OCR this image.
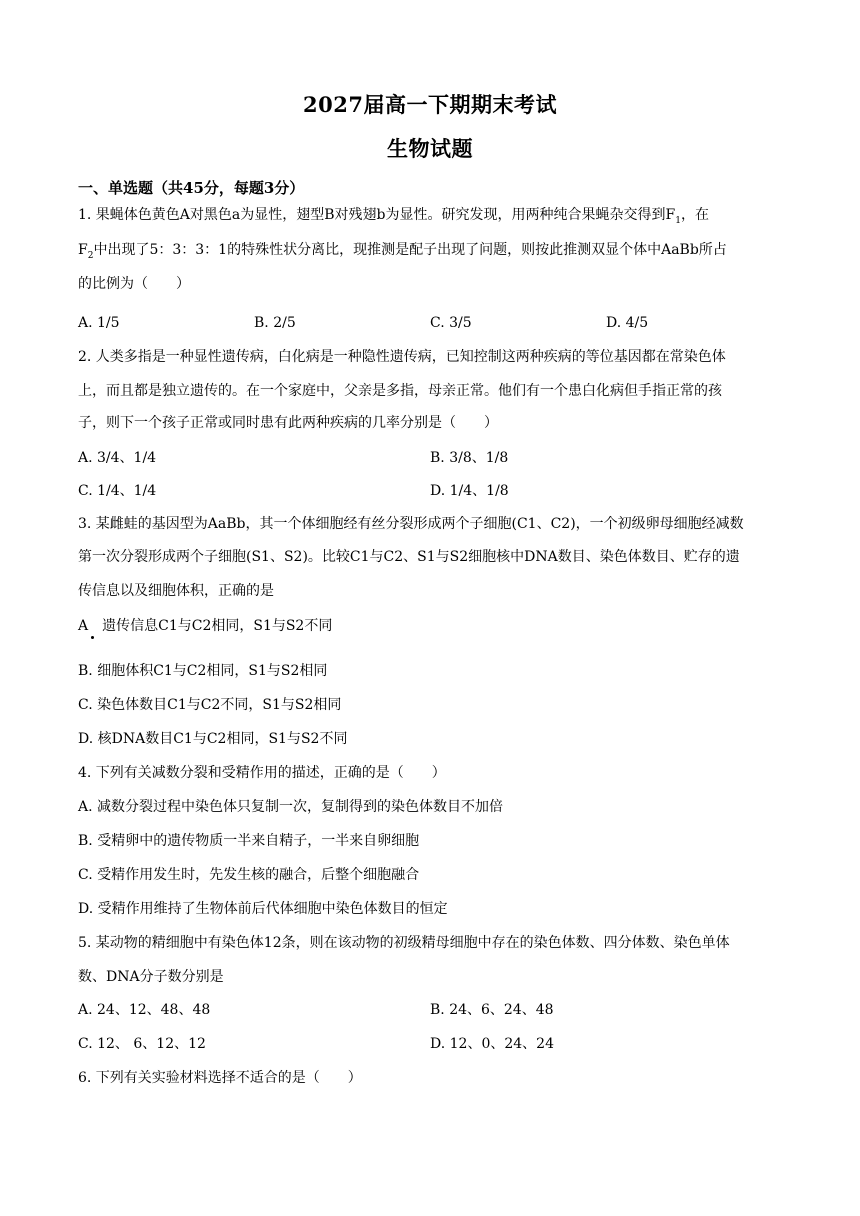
2027届高一下期期末考试
生物试题
一、单选题（共45分，每题3分）
1. 果蝇体色黄色A对黑色a为显性，翅型B对残翅b为显性。研究发现，用两种纯合果蝇杂交得到$F_1$，在
$F_2$中出现了5：3：3：1的特殊性状分离比，现推测是配子出现了问题，则按此推测双显个体中AaBb所占
的比例为（　　）
A. 1/5	B. 2/5	C. 3/5	D. 4/5
2. 人类多指是一种显性遗传病，白化病是一种隐性遗传病，已知控制这两种疾病的等位基因都在常染色体
上，而且都是独立遗传的。在一个家庭中，父亲是多指，母亲正常。他们有一个患白化病但手指正常的孩
子，则下一个孩子正常或同时患有此两种疾病的几率分别是（　　）
A. 3/4、1/4	B. 3/8、1/8
C. 1/4、1/4	D. 1/4、1/8
3. 某雌蛙的基因型为AaBb，其一个体细胞经有丝分裂形成两个子细胞(C1、C2)，一个初级卵母细胞经减数
第一次分裂形成两个子细胞(S1、S2)。比较C1与C2、S1与S2细胞核中DNA数目、染色体数目、贮存的遗
传信息以及细胞体积，正确的是
A　遗传信息C1与C2相同，S1与S2不同
B. 细胞体积C1与C2相同，S1与S2相同
C. 染色体数目C1与C2不同，S1与S2相同
D. 核DNA数目C1与C2相同，S1与S2不同
4. 下列有关减数分裂和受精作用的描述，正确的是（　　）
A. 减数分裂过程中染色体只复制一次，复制得到的染色体数目不加倍
B. 受精卵中的遗传物质一半来自精子，一半来自卵细胞
C. 受精作用发生时，先发生核的融合，后整个细胞融合
D. 受精作用维持了生物体前后代体细胞中染色体数目的恒定
5. 某动物的精细胞中有染色体12条，则在该动物的初级精母细胞中存在的染色体数、四分体数、染色单体
数、DNA分子数分别是
A. 24、12、48、48	B. 24、6、24、48
C. 12、 6、12、12	D. 12、0、24、24
6. 下列有关实验材料选择不适合的是（　　）
